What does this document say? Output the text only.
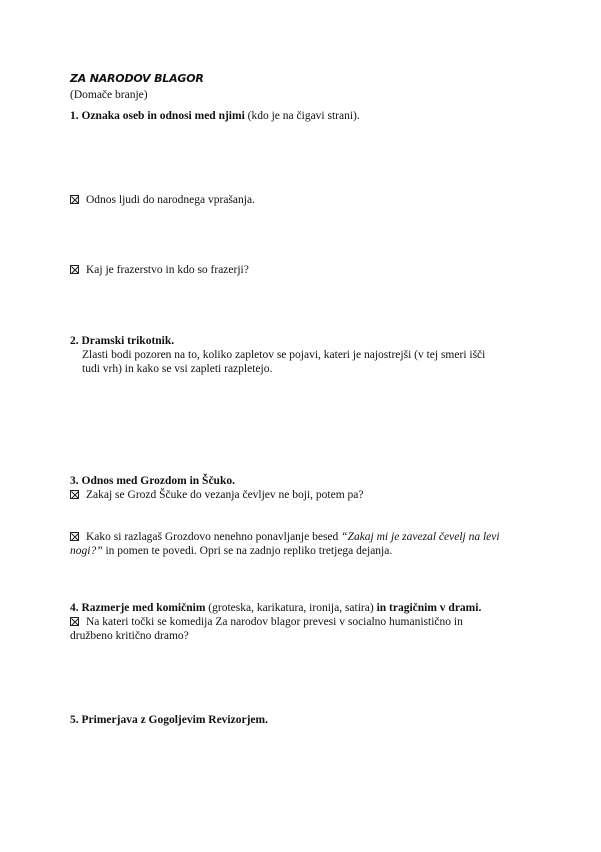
ZA NARODOV BLAGOR
(Domače branje)
1. Oznaka oseb in odnosi med njimi (kdo je na čigavi strani).
Odnos ljudi do narodnega vprašanja.
Kaj je frazerstvo in kdo so frazerji?
2. Dramski trikotnik.
Zlasti bodi pozoren na to, koliko zapletov se pojavi, kateri je najostrejši (v tej smeri išči
tudi vrh) in kako se vsi zapleti razpletejo.
3. Odnos med Grozdom in Ščuko.
Zakaj se Grozd Ščuke do vezanja čevljev ne boji, potem pa?
Kako si razlagaš Grozdovo nenehno ponavljanje besed “Zakaj mi je zavezal čevelj na levi
nogi?” in pomen te povedi. Opri se na zadnjo repliko tretjega dejanja.
4. Razmerje med komičnim (groteska, karikatura, ironija, satira) in tragičnim v drami.
Na kateri točki se komedija Za narodov blagor prevesi v socialno humanistično in
družbeno kritično dramo?
5. Primerjava z Gogoljevim Revizorjem.
